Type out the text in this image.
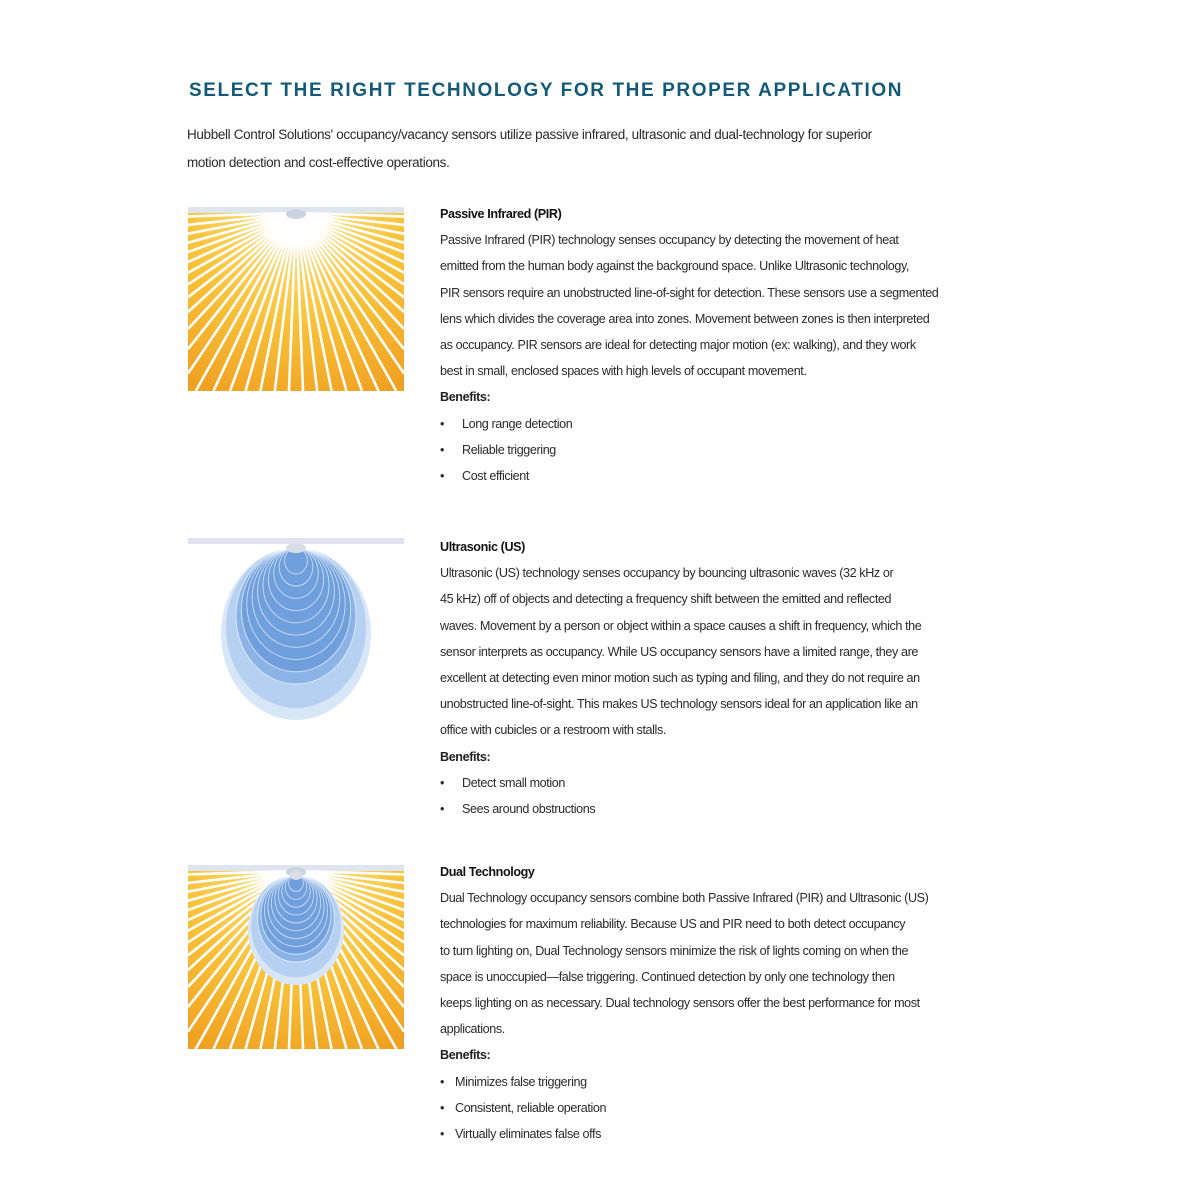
SELECT THE RIGHT TECHNOLOGY FOR THE PROPER APPLICATION
Hubbell Control Solutions' occupancy/vacancy sensors utilize passive infrared, ultrasonic and dual-technology for superior
motion detection and cost-effective operations.
Passive Infrared (PIR)
Passive Infrared (PIR) technology senses occupancy by detecting the movement of heat
emitted from the human body against the background space. Unlike Ultrasonic technology,
PIR sensors require an unobstructed line-of-sight for detection. These sensors use a segmented
lens which divides the coverage area into zones. Movement between zones is then interpreted
as occupancy. PIR sensors are ideal for detecting major motion (ex: walking), and they work
best in small, enclosed spaces with high levels of occupant movement.
Benefits:
• Long range detection
• Reliable triggering
• Cost efficient
Ultrasonic (US)
Ultrasonic (US) technology senses occupancy by bouncing ultrasonic waves (32 kHz or
45 kHz) off of objects and detecting a frequency shift between the emitted and reflected
waves. Movement by a person or object within a space causes a shift in frequency, which the
sensor interprets as occupancy. While US occupancy sensors have a limited range, they are
excellent at detecting even minor motion such as typing and filing, and they do not require an
unobstructed line-of-sight. This makes US technology sensors ideal for an application like an
office with cubicles or a restroom with stalls.
Benefits:
• Detect small motion
• Sees around obstructions
Dual Technology
Dual Technology occupancy sensors combine both Passive Infrared (PIR) and Ultrasonic (US)
technologies for maximum reliability. Because US and PIR need to both detect occupancy
to turn lighting on, Dual Technology sensors minimize the risk of lights coming on when the
space is unoccupied—false triggering. Continued detection by only one technology then
keeps lighting on as necessary. Dual technology sensors offer the best performance for most
applications.
Benefits:
• Minimizes false triggering
• Consistent, reliable operation
• Virtually eliminates false offs
